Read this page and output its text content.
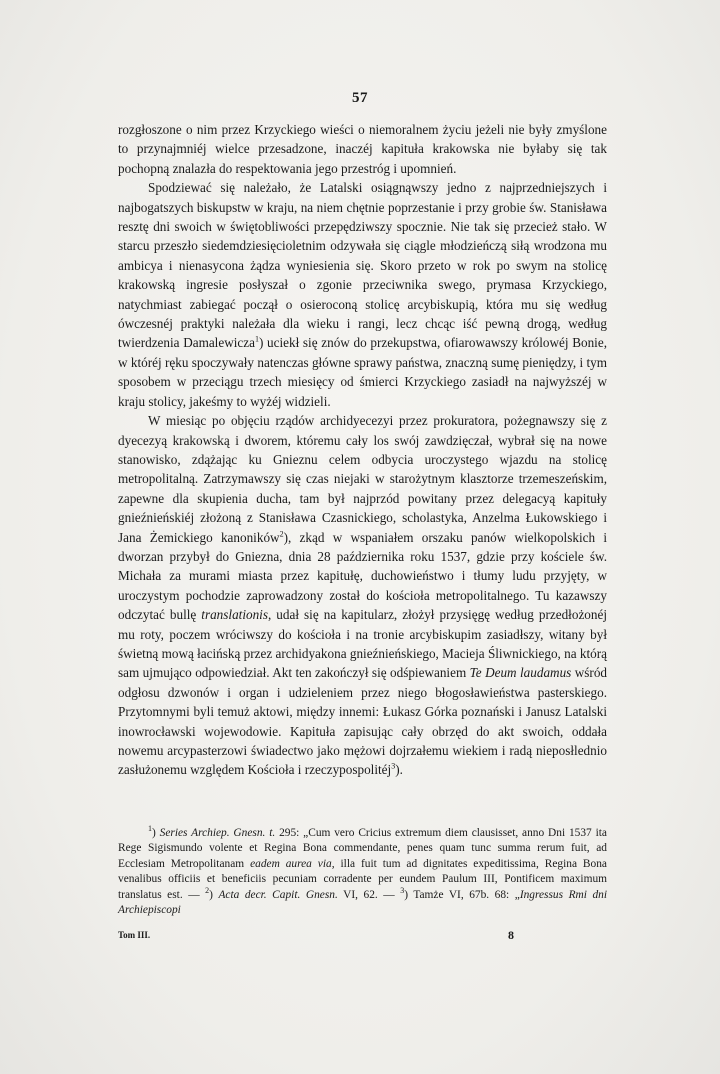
57

rozgłoszone o nim przez Krzyckiego wieści o niemoralnem życiu jeżeli nie były zmyślone to przynajmniéj wielce przesadzone, inaczéj kapituła krakowska nie byłaby się tak pochopną znalazła do respektowania jego przestróg i upomnień.

Spodziewać się należało, że Latalski osiągnąwszy jedno z najprzedniejszych i najbogatszych biskupstw w kraju, na niem chętnie poprzestanie i przy grobie św. Stanisława resztę dni swoich w świętobliwości przepędziwszy spocznie. Nie tak się przecież stało. W starcu przeszło siedemdziesięcioletnim odzywała się ciągle młodzieńczą siłą wrodzona mu ambicya i nienasycona żądza wyniesienia się. Skoro przeto w rok po swym na stolicę krakowską ingresie posłyszał o zgonie przeciwnika swego, prymasa Krzyckiego, natychmiast zabiegać począł o osieroconą stolicę arcybiskupią, która mu się według ówczesnéj praktyki należała dla wieku i rangi, lecz chcąc iść pewną drogą, według twierdzenia Damalewicza$^1$) uciekł się znów do przekupstwa, ofiarowawszy królowéj Bonie, w któréj ręku spoczywały natenczas główne sprawy państwa, znaczną sumę pieniędzy, i tym sposobem w przeciągu trzech miesięcy od śmierci Krzyckiego zasiadł na najwyższéj w kraju stolicy, jakeśmy to wyżéj widzieli.

W miesiąc po objęciu rządów archidyecezyi przez prokuratora, pożegnawszy się z dyecezyą krakowską i dworem, któremu cały los swój zawdzięczał, wybrał się na nowe stanowisko, zdążając ku Gnieznu celem odbycia uroczystego wjazdu na stolicę metropolitalną. Zatrzymawszy się czas niejaki w starożytnym klasztorze trzemeszeńskim, zapewne dla skupienia ducha, tam był najprzód powitany przez delegacyą kapituły gnieźnieńskiéj złożoną z Stanisława Czasnickiego, scholastyka, Anzelma Łukowskiego i Jana Żemickiego kanoników$^2$), zkąd w wspaniałem orszaku panów wielkopolskich i dworzan przybył do Gniezna, dnia 28 października roku 1537, gdzie przy kościele św. Michała za murami miasta przez kapitułę, duchowieństwo i tłumy ludu przyjęty, w uroczystym pochodzie zaprowadzony został do kościoła metropolitalnego. Tu kazawszy odczytać bullę translationis, udał się na kapitularz, złożył przysięgę według przedłożonéj mu roty, poczem wróciwszy do kościoła i na tronie arcybiskupim zasiadłszy, witany był świetną mową łacińską przez archidyakona gnieźnieńskiego, Macieja Śliwnickiego, na którą sam ujmująco odpowiedział. Akt ten zakończył się odśpiewaniem Te Deum laudamus wśród odgłosu dzwonów i organ i udzieleniem przez niego błogosławieństwa pasterskiego. Przytomnymi byli temuż aktowi, między innemi: Łukasz Górka poznański i Janusz Latalski inowrocławski wojewodowie. Kapituła zapisując cały obrzęd do akt swoich, oddała nowemu arcypasterzowi świadectwo jako mężowi dojrzałemu wiekiem i radą nieposłlednio zasłużonemu względem Kościoła i rzeczypospolitéj$^3$).

$^1$) Series Archiep. Gnesn. t. 295: „Cum vero Cricius extremum diem clausisset, anno Dni 1537 ita Rege Sigismundo volente et Regina Bona commendante, penes quam tunc summa rerum fuit, ad Ecclesiam Metropolitanam eadem aurea via, illa fuit tum ad dignitates expeditissima, Regina Bona venalibus officiis et beneficiis pecuniam corradente per eundem Paulum III, Pontificem maximum translatus est. — $^2$) Acta decr. Capit. Gnesn. VI, 62. — $^3$) Tamże VI, 67b. 68: „Ingressus Rmi dni Archiepiscopi

Tom III.	8
